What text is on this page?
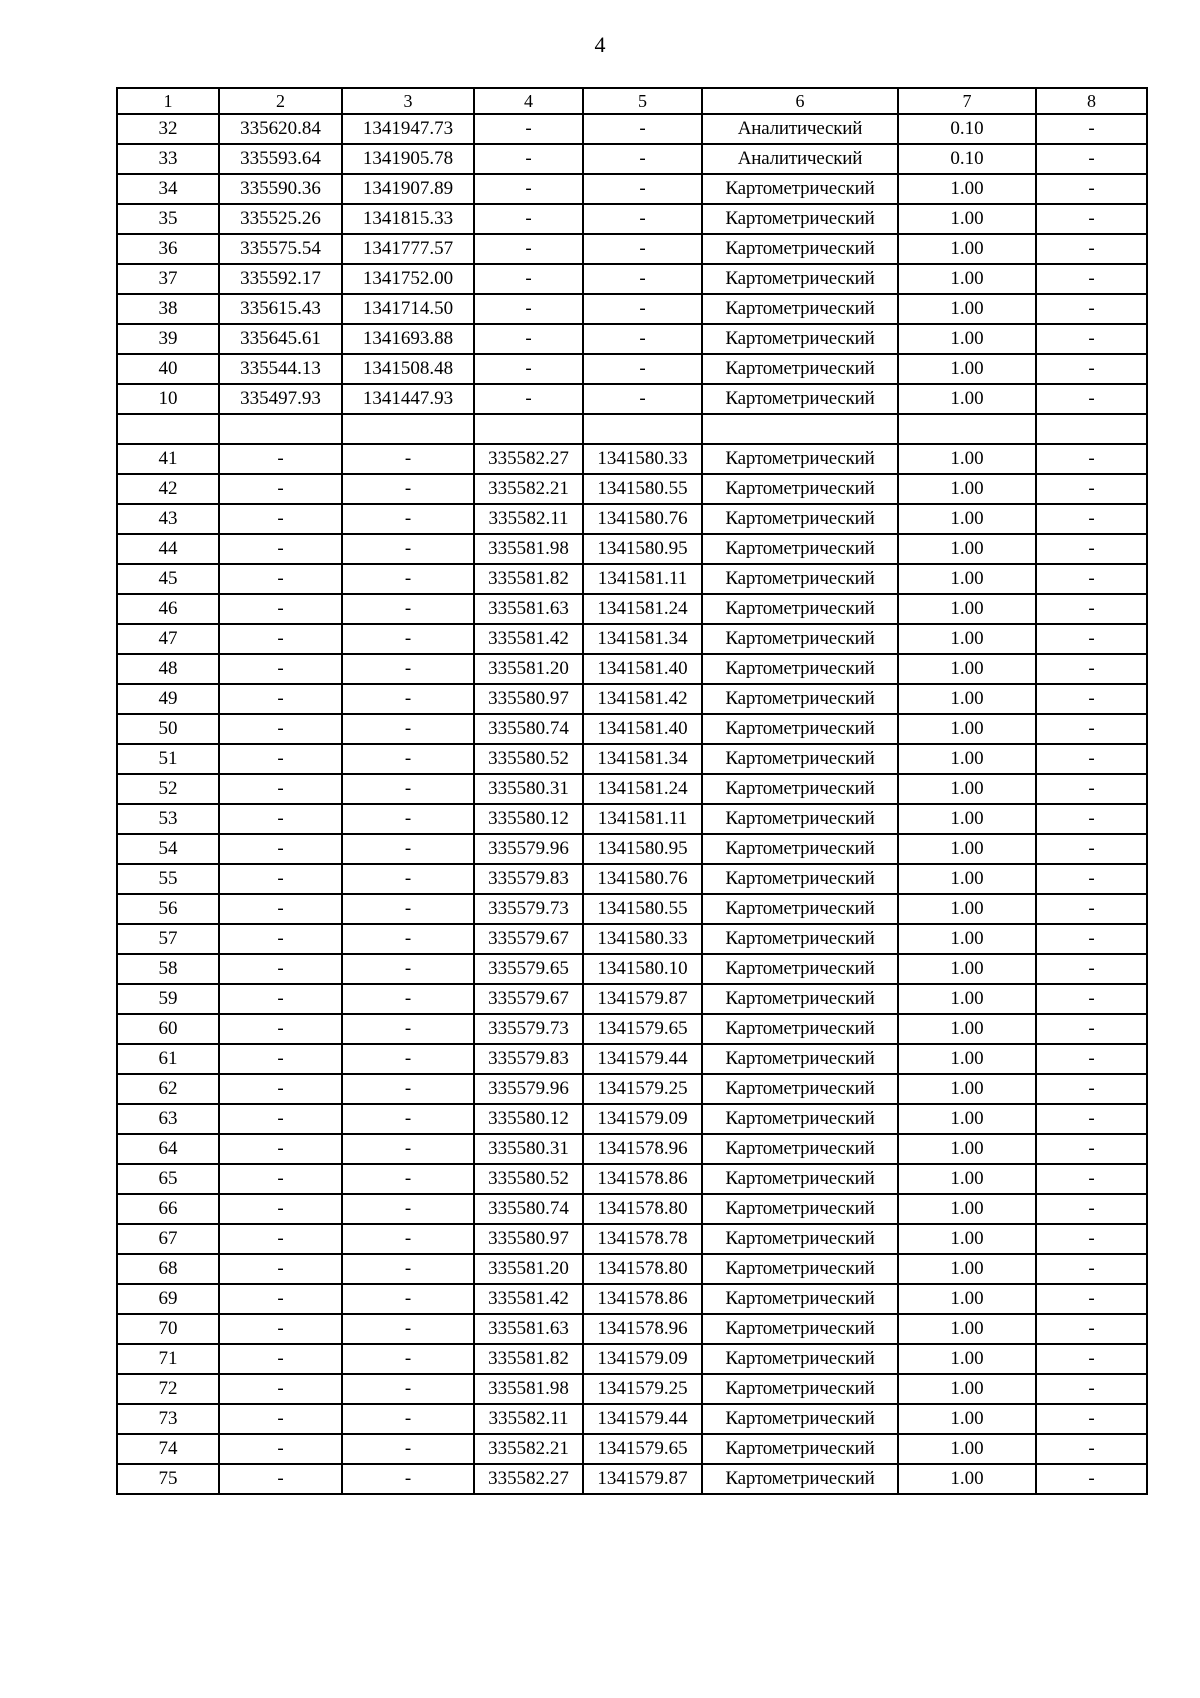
4
1	2	3	4	5	6	7	8
32	335620.84	1341947.73	-	-	Аналитический	0.10	-
33	335593.64	1341905.78	-	-	Аналитический	0.10	-
34	335590.36	1341907.89	-	-	Картометрический	1.00	-
35	335525.26	1341815.33	-	-	Картометрический	1.00	-
36	335575.54	1341777.57	-	-	Картометрический	1.00	-
37	335592.17	1341752.00	-	-	Картометрический	1.00	-
38	335615.43	1341714.50	-	-	Картометрический	1.00	-
39	335645.61	1341693.88	-	-	Картометрический	1.00	-
40	335544.13	1341508.48	-	-	Картометрический	1.00	-
10	335497.93	1341447.93	-	-	Картометрический	1.00	-

41	-	-	335582.27	1341580.33	Картометрический	1.00	-
42	-	-	335582.21	1341580.55	Картометрический	1.00	-
43	-	-	335582.11	1341580.76	Картометрический	1.00	-
44	-	-	335581.98	1341580.95	Картометрический	1.00	-
45	-	-	335581.82	1341581.11	Картометрический	1.00	-
46	-	-	335581.63	1341581.24	Картометрический	1.00	-
47	-	-	335581.42	1341581.34	Картометрический	1.00	-
48	-	-	335581.20	1341581.40	Картометрический	1.00	-
49	-	-	335580.97	1341581.42	Картометрический	1.00	-
50	-	-	335580.74	1341581.40	Картометрический	1.00	-
51	-	-	335580.52	1341581.34	Картометрический	1.00	-
52	-	-	335580.31	1341581.24	Картометрический	1.00	-
53	-	-	335580.12	1341581.11	Картометрический	1.00	-
54	-	-	335579.96	1341580.95	Картометрический	1.00	-
55	-	-	335579.83	1341580.76	Картометрический	1.00	-
56	-	-	335579.73	1341580.55	Картометрический	1.00	-
57	-	-	335579.67	1341580.33	Картометрический	1.00	-
58	-	-	335579.65	1341580.10	Картометрический	1.00	-
59	-	-	335579.67	1341579.87	Картометрический	1.00	-
60	-	-	335579.73	1341579.65	Картометрический	1.00	-
61	-	-	335579.83	1341579.44	Картометрический	1.00	-
62	-	-	335579.96	1341579.25	Картометрический	1.00	-
63	-	-	335580.12	1341579.09	Картометрический	1.00	-
64	-	-	335580.31	1341578.96	Картометрический	1.00	-
65	-	-	335580.52	1341578.86	Картометрический	1.00	-
66	-	-	335580.74	1341578.80	Картометрический	1.00	-
67	-	-	335580.97	1341578.78	Картометрический	1.00	-
68	-	-	335581.20	1341578.80	Картометрический	1.00	-
69	-	-	335581.42	1341578.86	Картометрический	1.00	-
70	-	-	335581.63	1341578.96	Картометрический	1.00	-
71	-	-	335581.82	1341579.09	Картометрический	1.00	-
72	-	-	335581.98	1341579.25	Картометрический	1.00	-
73	-	-	335582.11	1341579.44	Картометрический	1.00	-
74	-	-	335582.21	1341579.65	Картометрический	1.00	-
75	-	-	335582.27	1341579.87	Картометрический	1.00	-
